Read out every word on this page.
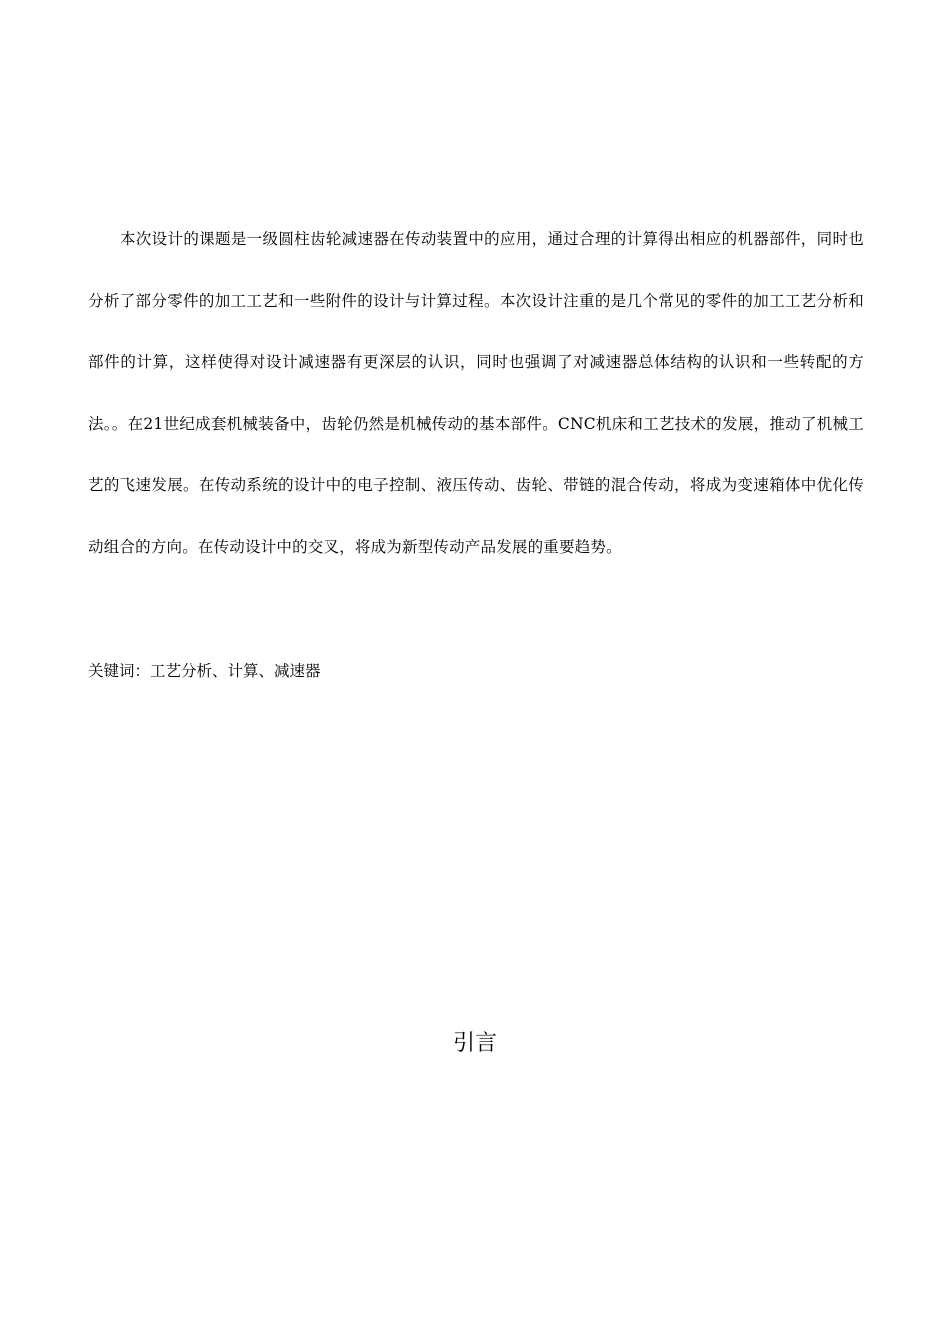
本次设计的课题是一级圆柱齿轮减速器在传动装置中的应用，通过合理的计算得出相应的机器部件，同时也分析了部分零件的加工工艺和一些附件的设计与计算过程。本次设计注重的是几个常见的零件的加工工艺分析和部件的计算，这样使得对设计减速器有更深层的认识，同时也强调了对减速器总体结构的认识和一些转配的方法。。在21世纪成套机械装备中，齿轮仍然是机械传动的基本部件。CNC机床和工艺技术的发展，推动了机械工艺的飞速发展。在传动系统的设计中的电子控制、液压传动、齿轮、带链的混合传动，将成为变速箱体中优化传动组合的方向。在传动设计中的交叉，将成为新型传动产品发展的重要趋势。

关键词：工艺分析、计算、减速器

引言
